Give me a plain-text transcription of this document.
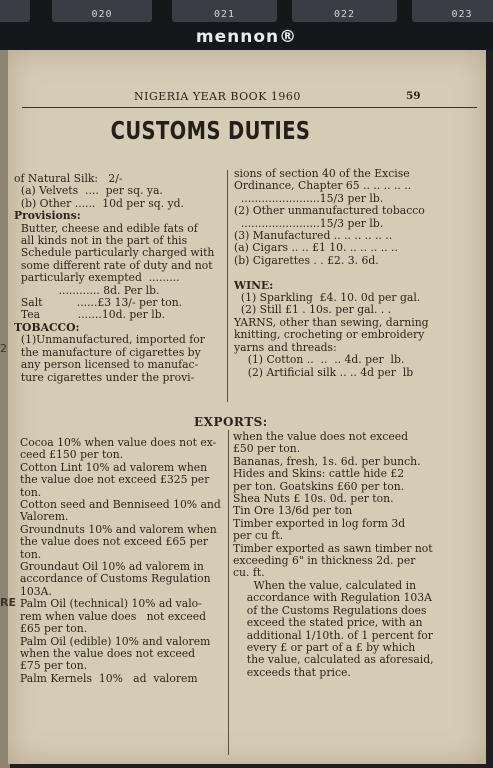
020	021	022	023
mennon®
NIGERIA YEAR BOOK 1960	59
CUSTOMS DUTIES
of Natural Silk:   2/-
(a) Velvets  ....  per sq. ya.
(b) Other ......  10d per sq. yd.
Provisions:
Butter, cheese and edible fats of
all kinds not in the part of this
Schedule particularly charged with
some different rate of duty and not
particularly exempted  .........
............ 8d. Per lb.
Salt          ......£3 13/- per ton.
Tea           .......10d. per lb.
TOBACCO:
(1)Unmanufactured, imported for
the manufacture of cigarettes by
any person licensed to manufac-
ture cigarettes under the provi-
sions of section 40 of the Excise
Ordinance, Chapter 65 .. .. .. .. ..
.......................15/3 per lb.
(2) Other unmanufactured tobacco
.......................15/3 per lb.
(3) Manufactured .. .. .. .. .. ..
(a) Cigars .. .. £1 10. .. .. .. .. ..
(b) Cigarettes . . £2. 3. 6d.

WINE:
(1) Sparkling  £4. 10. 0d per gal.
(2) Still £1 . 10s. per gal. . .
YARNS, other than sewing, darning
knitting, crocheting or embroidery
yarns and threads:
(1) Cotton ..  ..  .. 4d. per  lb.
(2) Artificial silk .. .. 4d per  lb
EXPORTS:
Cocoa 10% when value does not ex-
ceed £150 per ton.
Cotton Lint 10% ad valorem when
the value doe not exceed £325 per
ton.
Cotton seed and Benniseed 10% and
Valorem.
Groundnuts 10% and valorem when
the value does not exceed £65 per
ton.
Groundaut Oil 10% ad valorem in
accordance of Customs Regulation
103A.
Palm Oil (technical) 10% ad valo-
rem when value does   not exceed
£65 per ton.
Palm Oil (edible) 10% and valorem
when the value does not exceed
£75 per ton.
Palm Kernels  10%   ad  valorem
when the value does not exceed
£50 per ton.
Bananas, fresh, 1s. 6d. per bunch.
Hides and Skins: cattle hide £2
per ton. Goatskins £60 per ton.
Shea Nuts £ 10s. 0d. per ton.
Tin Ore 13/6d per ton
Timber exported in log form 3d
per cu ft.
Timber exported as sawn timber not
exceeding 6" in thickness 2d. per
cu. ft.
When the value, calculated in
accordance with Regulation 103A
of the Customs Regulations does
exceed the stated price, with an
additional 1/10th. of 1 percent for
every £ or part of a £ by which
the value, calculated as aforesaid,
exceeds that price.
2
RE
